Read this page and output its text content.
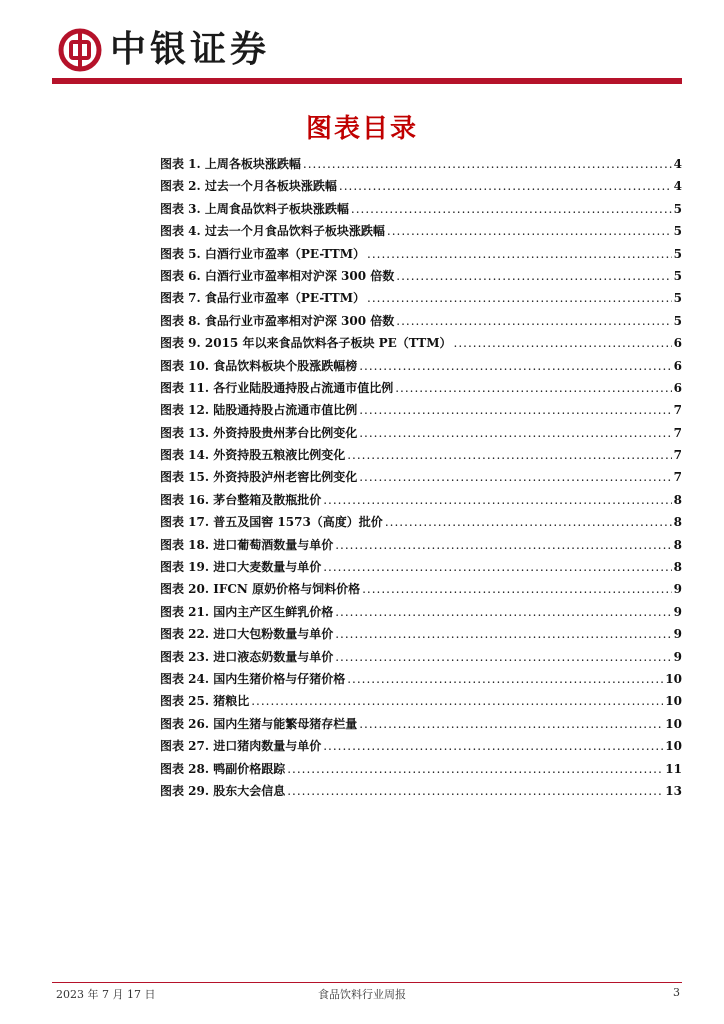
中银证券
图表目录
图表 1. 上周各板块涨跌幅 .....	4
图表 2. 过去一个月各板块涨跌幅 .....	4
图表 3. 上周食品饮料子板块涨跌幅 .....	5
图表 4. 过去一个月食品饮料子板块涨跌幅 .....	5
图表 5. 白酒行业市盈率（PE-TTM） .....	5
图表 6. 白酒行业市盈率相对沪深 300 倍数 .....	5
图表 7. 食品行业市盈率（PE-TTM） .....	5
图表 8. 食品行业市盈率相对沪深 300 倍数 .....	5
图表 9. 2015 年以来食品饮料各子板块 PE（TTM） .....	6
图表 10. 食品饮料板块个股涨跌幅榜 .....	6
图表 11. 各行业陆股通持股占流通市值比例 .....	6
图表 12. 陆股通持股占流通市值比例 .....	7
图表 13. 外资持股贵州茅台比例变化 .....	7
图表 14. 外资持股五粮液比例变化 .....	7
图表 15. 外资持股泸州老窖比例变化 .....	7
图表 16. 茅台整箱及散瓶批价 .....	8
图表 17. 普五及国窖 1573（高度）批价 .....	8
图表 18. 进口葡萄酒数量与单价 .....	8
图表 19. 进口大麦数量与单价 .....	8
图表 20. IFCN 原奶价格与饲料价格 .....	9
图表 21. 国内主产区生鲜乳价格 .....	9
图表 22. 进口大包粉数量与单价 .....	9
图表 23. 进口液态奶数量与单价 .....	9
图表 24. 国内生猪价格与仔猪价格 .....	10
图表 25. 猪粮比 .....	10
图表 26. 国内生猪与能繁母猪存栏量 .....	10
图表 27. 进口猪肉数量与单价 .....	10
图表 28. 鸭副价格跟踪 .....	11
图表 29. 股东大会信息 .....	13
2023 年 7 月 17 日	食品饮料行业周报	3
